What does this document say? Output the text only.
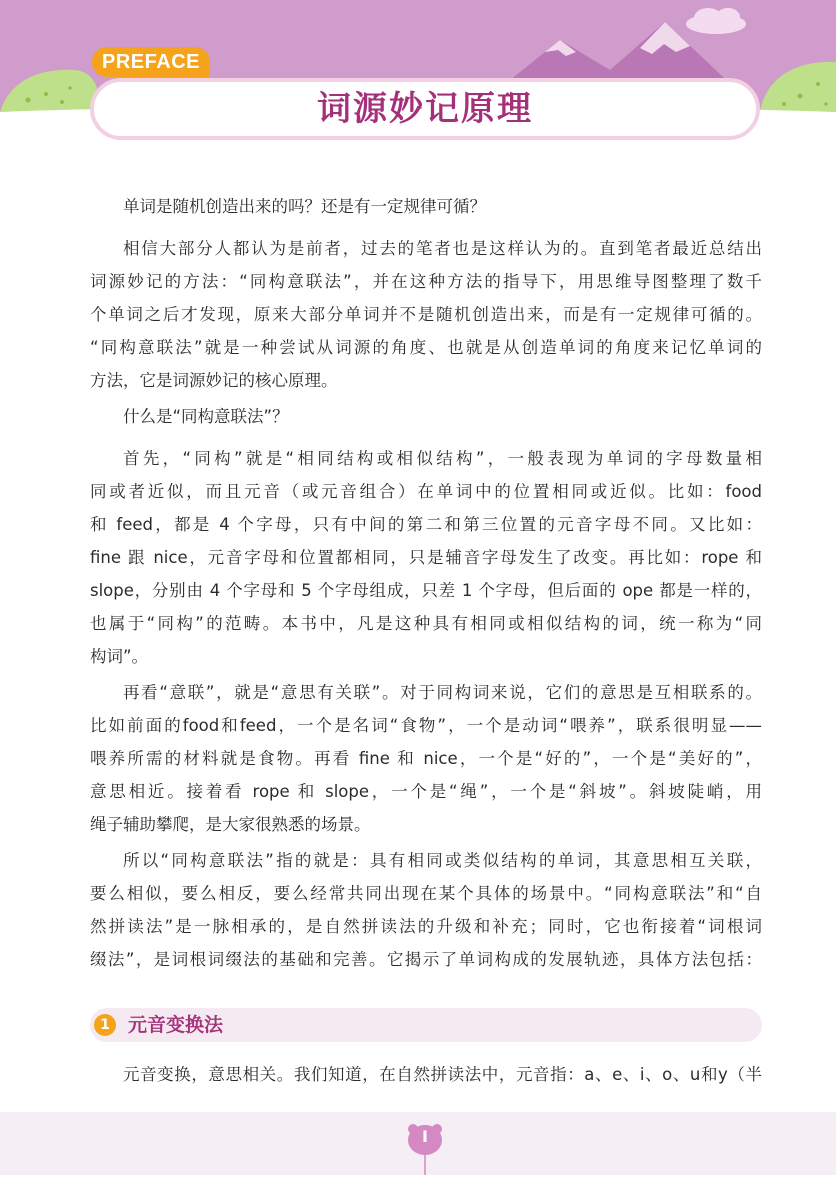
PREFACE
词源妙记原理
单词是随机创造出来的吗？还是有一定规律可循？
相信大部分人都认为是前者，过去的笔者也是这样认为的。直到笔者最近总结出
词源妙记的方法：“同构意联法”，并在这种方法的指导下，用思维导图整理了数千
个单词之后才发现，原来大部分单词并不是随机创造出来，而是有一定规律可循的。
“同构意联法”就是一种尝试从词源的角度、也就是从创造单词的角度来记忆单词的
方法，它是词源妙记的核心原理。
什么是“同构意联法”？
首先，“同构”就是“相同结构或相似结构”，一般表现为单词的字母数量相
同或者近似，而且元音（或元音组合）在单词中的位置相同或近似。比如：food
和 feed，都是 4 个字母，只有中间的第二和第三位置的元音字母不同。又比如：
fine 跟 nice，元音字母和位置都相同，只是辅音字母发生了改变。再比如：rope 和
slope，分别由 4 个字母和 5 个字母组成，只差 1 个字母，但后面的 ope 都是一样的，
也属于“同构”的范畴。本书中，凡是这种具有相同或相似结构的词，统一称为“同
构词”。
再看“意联”，就是“意思有关联”。对于同构词来说，它们的意思是互相联系的。
比如前面的food和feed，一个是名词“食物”，一个是动词“喂养”，联系很明显——
喂养所需的材料就是食物。再看 fine 和 nice，一个是“好的”，一个是“美好的”，
意思相近。接着看 rope 和 slope，一个是“绳”，一个是“斜坡”。斜坡陡峭，用
绳子辅助攀爬，是大家很熟悉的场景。
所以“同构意联法”指的就是：具有相同或类似结构的单词，其意思相互关联，
要么相似，要么相反，要么经常共同出现在某个具体的场景中。“同构意联法”和“自
然拼读法”是一脉相承的，是自然拼读法的升级和补充；同时，它也衔接着“词根词
缀法”，是词根词缀法的基础和完善。它揭示了单词构成的发展轨迹，具体方法包括：
1 元音变换法
元音变换，意思相关。我们知道，在自然拼读法中，元音指：a、e、i、o、u和y（半
I
